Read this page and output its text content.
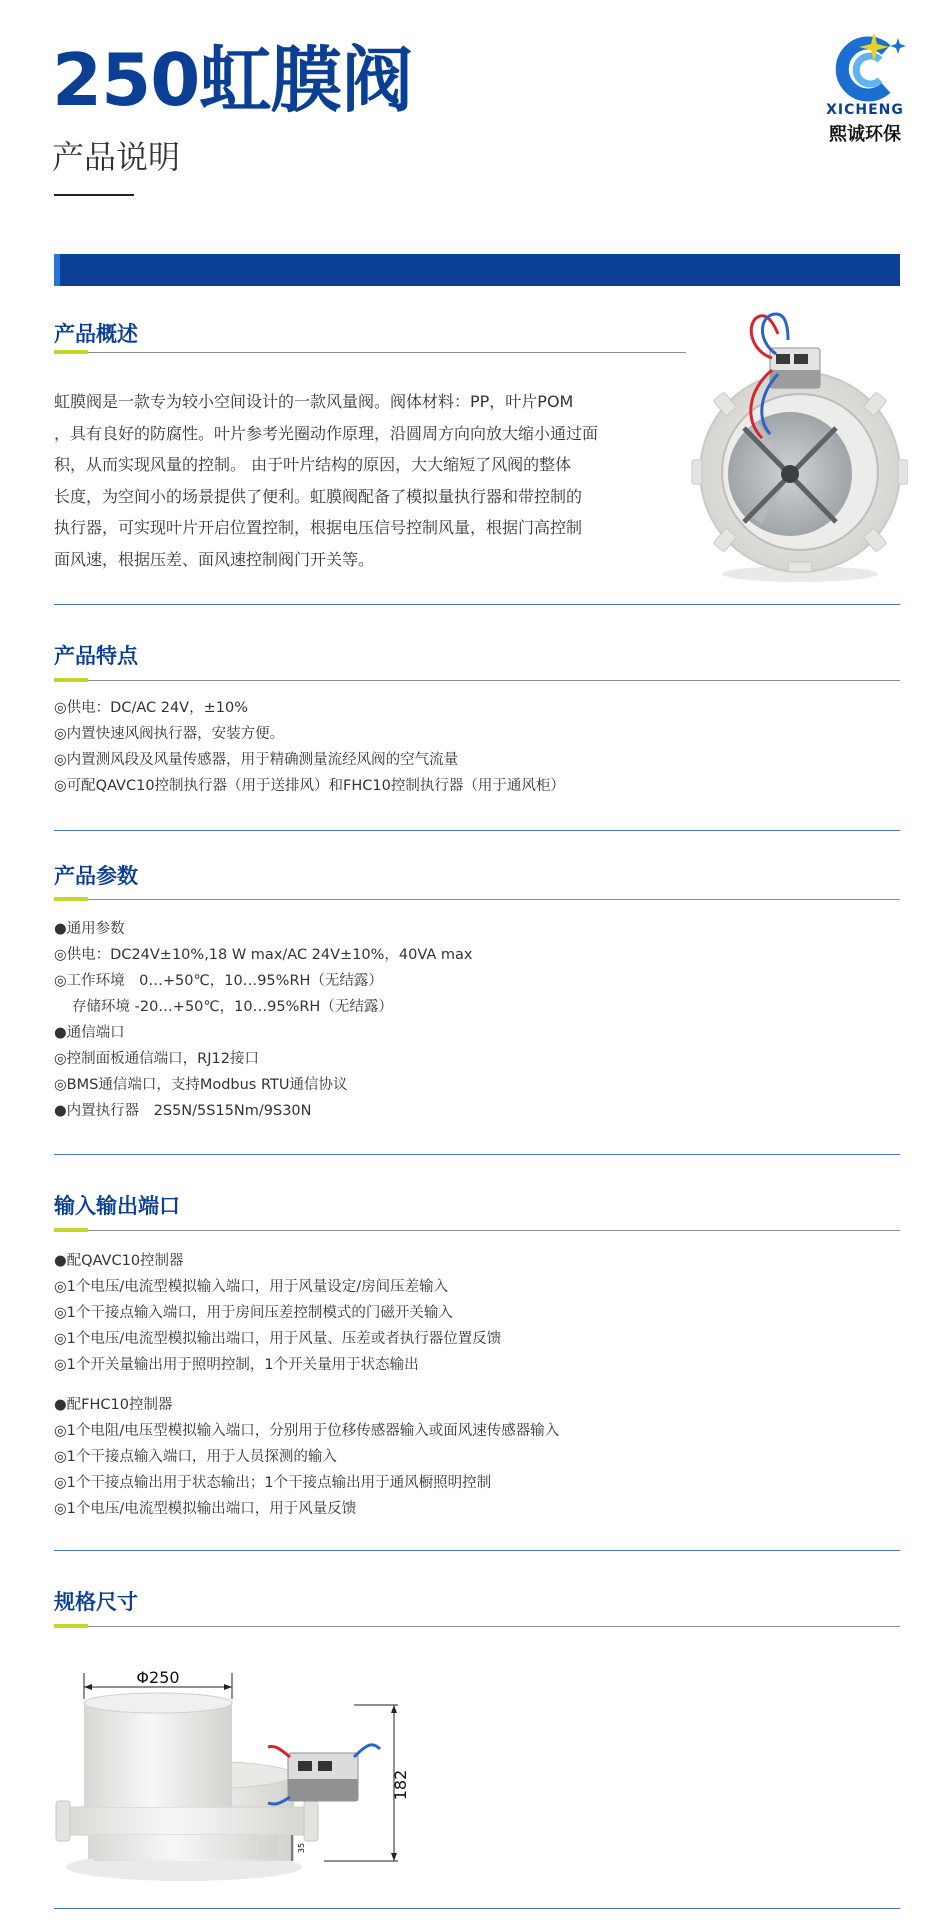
250虹膜阀
产品说明
XICHENG
熙诚环保
产品概述
虹膜阀是一款专为较小空间设计的一款风量阀。阀体材料：PP，叶片POM
，具有良好的防腐性。叶片参考光圈动作原理，沿圆周方向向放大缩小通过面
积，从而实现风量的控制。 由于叶片结构的原因，大大缩短了风阀的整体
长度，为空间小的场景提供了便利。虹膜阀配备了模拟量执行器和带控制的
执行器，可实现叶片开启位置控制，根据电压信号控制风量，根据门高控制
面风速，根据压差、面风速控制阀门开关等。
产品特点
◎供电：DC/AC 24V，±10%
◎内置快速风阀执行器，安装方便。
◎内置测风段及风量传感器，用于精确测量流经风阀的空气流量
◎可配QAVC10控制执行器（用于送排风）和FHC10控制执行器（用于通风柜）
产品参数
●通用参数
◎供电：DC24V±10%,18 W max/AC 24V±10%，40VA max
◎工作环境　0…+50℃，10…95%RH（无结露）
存储环境 -20…+50℃，10…95%RH（无结露）
●通信端口
◎控制面板通信端口，RJ12接口
◎BMS通信端口，支持Modbus RTU通信协议
●内置执行器　2S5N/5S15Nm/9S30N
输入输出端口
●配QAVC10控制器
◎1个电压/电流型模拟输入端口，用于风量设定/房间压差输入
◎1个干接点输入端口，用于房间压差控制模式的门磁开关输入
◎1个电压/电流型模拟输出端口，用于风量、压差或者执行器位置反馈
◎1个开关量输出用于照明控制，1个开关量用于状态输出
●配FHC10控制器
◎1个电阻/电压型模拟输入端口，分别用于位移传感器输入或面风速传感器输入
◎1个干接点输入端口，用于人员探测的输入
◎1个干接点输出用于状态输出；1个干接点输出用于通风橱照明控制
◎1个电压/电流型模拟输出端口，用于风量反馈
规格尺寸
Φ250
182
35
